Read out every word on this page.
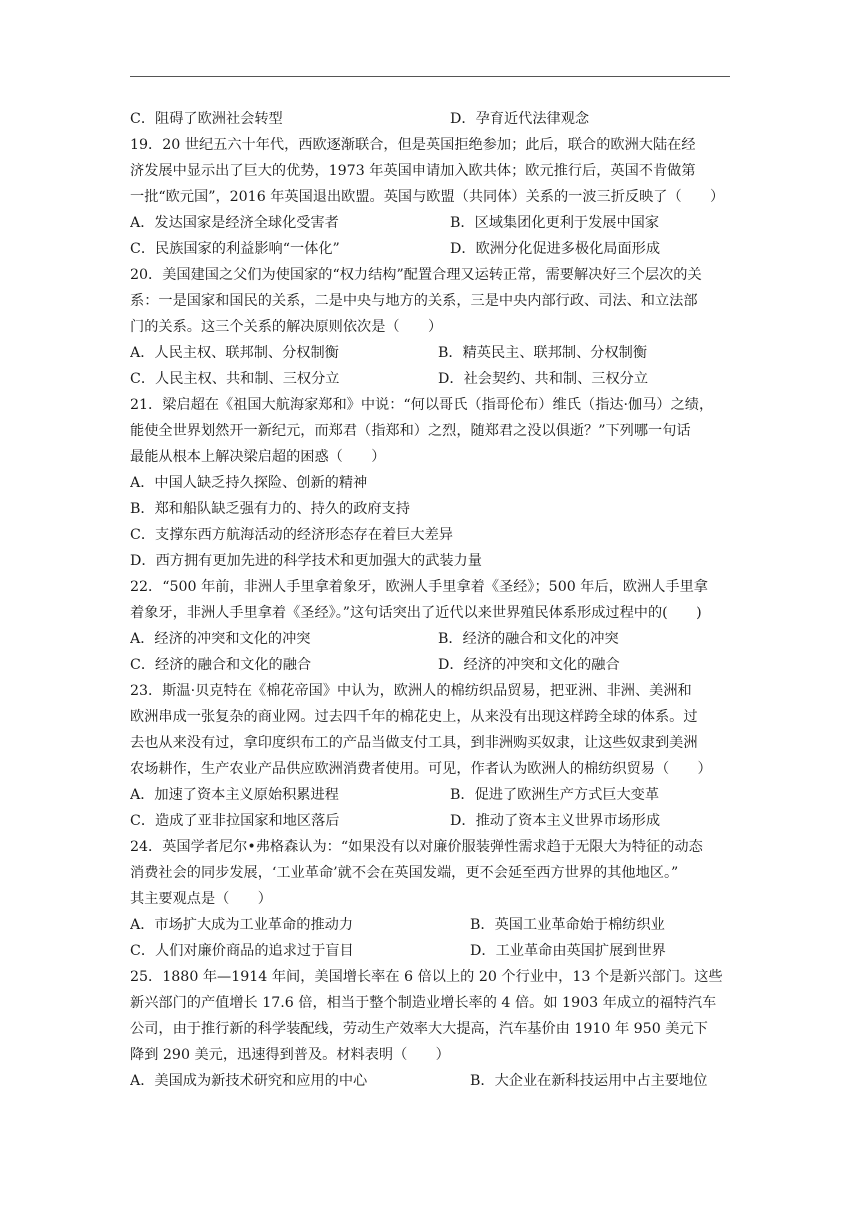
C．阻碍了欧洲社会转型	D．孕育近代法律观念
19．20 世纪五六十年代，西欧逐渐联合，但是英国拒绝参加；此后，联合的欧洲大陆在经
济发展中显示出了巨大的优势，1973 年英国申请加入欧共体；欧元推行后，英国不肯做第
一批“欧元国”，2016 年英国退出欧盟。英国与欧盟（共同体）关系的一波三折反映了（　　）
A．发达国家是经济全球化受害者	B．区域集团化更利于发展中国家
C．民族国家的利益影响“一体化”	D．欧洲分化促进多极化局面形成
20．美国建国之父们为使国家的“权力结构”配置合理又运转正常，需要解决好三个层次的关
系：一是国家和国民的关系，二是中央与地方的关系，三是中央内部行政、司法、和立法部
门的关系。这三个关系的解决原则依次是（　　）
A．人民主权、联邦制、分权制衡	B．精英民主、联邦制、分权制衡
C．人民主权、共和制、三权分立	D．社会契约、共和制、三权分立
21．梁启超在《祖国大航海家郑和》中说：“何以哥氏（指哥伦布）维氏（指达·伽马）之绩，
能使全世界划然开一新纪元，而郑君（指郑和）之烈，随郑君之没以俱逝？”下列哪一句话
最能从根本上解决梁启超的困惑（　　）
A．中国人缺乏持久探险、创新的精神
B．郑和船队缺乏强有力的、持久的政府支持
C．支撑东西方航海活动的经济形态存在着巨大差异
D．西方拥有更加先进的科学技术和更加强大的武装力量
22．“500 年前，非洲人手里拿着象牙，欧洲人手里拿着《圣经》；500 年后，欧洲人手里拿
着象牙，非洲人手里拿着《圣经》。”这句话突出了近代以来世界殖民体系形成过程中的(　　)
A．经济的冲突和文化的冲突	B．经济的融合和文化的冲突
C．经济的融合和文化的融合	D．经济的冲突和文化的融合
23．斯温·贝克特在《棉花帝国》中认为，欧洲人的棉纺织品贸易，把亚洲、非洲、美洲和
欧洲串成一张复杂的商业网。过去四千年的棉花史上，从来没有出现这样跨全球的体系。过
去也从来没有过，拿印度织布工的产品当做支付工具，到非洲购买奴隶，让这些奴隶到美洲
农场耕作，生产农业产品供应欧洲消费者使用。可见，作者认为欧洲人的棉纺织贸易（　　）
A．加速了资本主义原始积累进程	B．促进了欧洲生产方式巨大变革
C．造成了亚非拉国家和地区落后	D．推动了资本主义世界市场形成
24．英国学者尼尔•弗格森认为：“如果没有以对廉价服装弹性需求趋于无限大为特征的动态
消费社会的同步发展，‘工业革命’就不会在英国发端，更不会延至西方世界的其他地区。”
其主要观点是（　　）
A．市场扩大成为工业革命的推动力	B．英国工业革命始于棉纺织业
C．人们对廉价商品的追求过于盲目	D．工业革命由英国扩展到世界
25．1880 年—1914 年间，美国增长率在 6 倍以上的 20 个行业中，13 个是新兴部门。这些
新兴部门的产值增长 17.6 倍，相当于整个制造业增长率的 4 倍。如 1903 年成立的福特汽车
公司，由于推行新的科学装配线，劳动生产效率大大提高，汽车基价由 1910 年 950 美元下
降到 290 美元，迅速得到普及。材料表明（　　）
A．美国成为新技术研究和应用的中心	B．大企业在新科技运用中占主要地位
